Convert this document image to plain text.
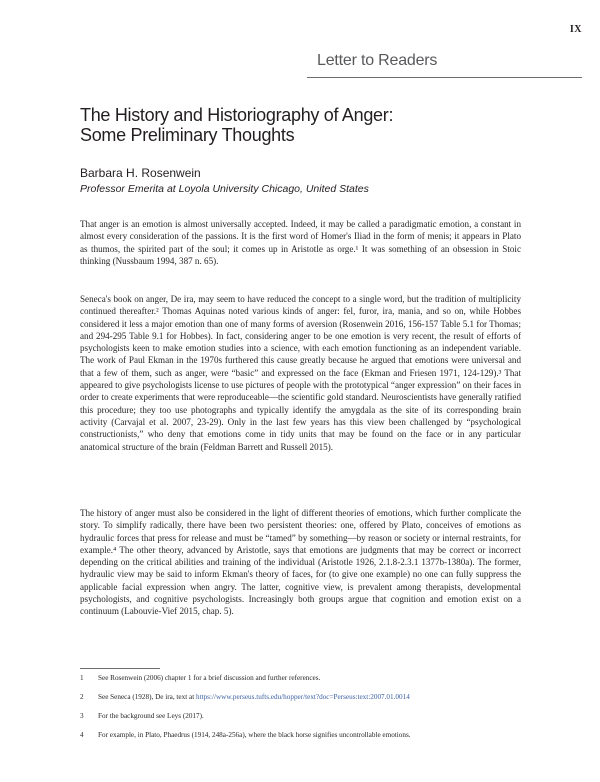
IX
Letter to Readers
The History and Historiography of Anger:
Some Preliminary Thoughts
Barbara H. Rosenwein
Professor Emerita at Loyola University Chicago, United States

That anger is an emotion is almost universally accepted. Indeed, it may be called a paradigmatic emotion, a constant in almost every consideration of the passions. It is the first word of Homer's Iliad in the form of menis; it appears in Plato as thumos, the spirited part of the soul; it comes up in Aristotle as orge.¹ It was something of an obsession in Stoic thinking (Nussbaum 1994, 387 n. 65).

Seneca's book on anger, De ira, may seem to have reduced the concept to a single word, but the tradition of multiplicity continued thereafter.² Thomas Aquinas noted various kinds of anger: fel, furor, ira, mania, and so on, while Hobbes considered it less a major emotion than one of many forms of aversion (Rosenwein 2016, 156-157 Table 5.1 for Thomas; and 294-295 Table 9.1 for Hobbes). In fact, considering anger to be one emotion is very recent, the result of efforts of psychologists keen to make emotion studies into a science, with each emotion functioning as an independent variable. The work of Paul Ekman in the 1970s furthered this cause greatly because he argued that emotions were universal and that a few of them, such as anger, were “basic” and expressed on the face (Ekman and Friesen 1971, 124-129).³ That appeared to give psychologists license to use pictures of people with the prototypical “anger expression” on their faces in order to create experiments that were reproduceable—the scientific gold standard. Neuroscientists have generally ratified this procedure; they too use photographs and typically identify the amygdala as the site of its corresponding brain activity (Carvajal et al. 2007, 23-29). Only in the last few years has this view been challenged by “psychological constructionists,” who deny that emotions come in tidy units that may be found on the face or in any particular anatomical structure of the brain (Feldman Barrett and Russell 2015).

The history of anger must also be considered in the light of different theories of emotions, which further complicate the story. To simplify radically, there have been two persistent theories: one, offered by Plato, conceives of emotions as hydraulic forces that press for release and must be “tamed” by something—by reason or society or internal restraints, for example.⁴ The other theory, advanced by Aristotle, says that emotions are judgments that may be correct or incorrect depending on the critical abilities and training of the individual (Aristotle 1926, 2.1.8-2.3.1 1377b-1380a). The former, hydraulic view may be said to inform Ekman's theory of faces, for (to give one example) no one can fully suppress the applicable facial expression when angry. The latter, cognitive view, is prevalent among therapists, developmental psychologists, and cognitive psychologists. Increasingly both groups argue that cognition and emotion exist on a continuum (Labouvie-Vief 2015, chap. 5).

1 See Rosenwein (2006) chapter 1 for a brief discussion and further references.
2 See Seneca (1928), De ira, text at https://www.perseus.tufts.edu/hopper/text?doc=Perseus:text:2007.01.0014
3 For the background see Leys (2017).
4 For example, in Plato, Phaedrus (1914, 248a-256a), where the black horse signifies uncontrollable emotions.
